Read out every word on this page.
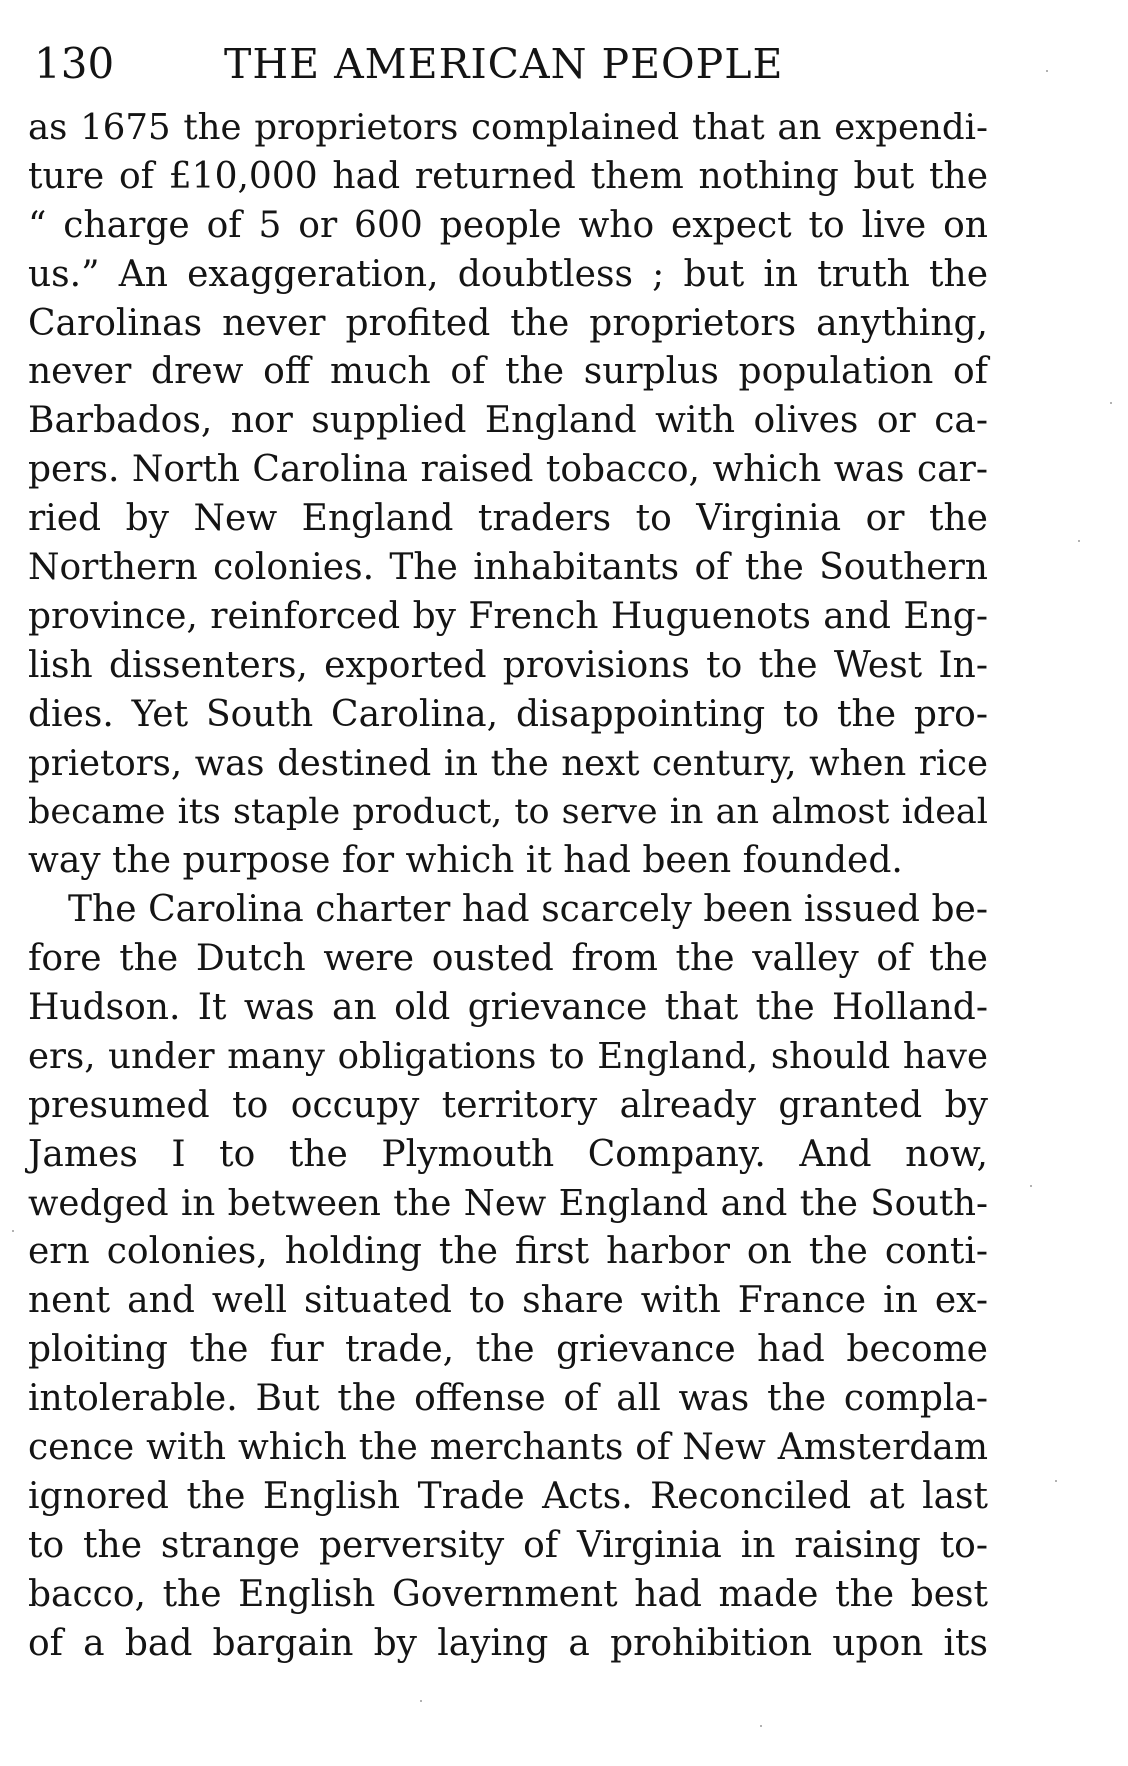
130	THE AMERICAN PEOPLE
as 1675 the proprietors complained that an expendi-
ture of £10,000 had returned them nothing but the
“ charge of 5 or 600 people who expect to live on
us.” An exaggeration, doubtless ; but in truth the
Carolinas never profited the proprietors anything,
never drew off much of the surplus population of
Barbados, nor supplied England with olives or ca-
pers. North Carolina raised tobacco, which was car-
ried by New England traders to Virginia or the
Northern colonies. The inhabitants of the Southern
province, reinforced by French Huguenots and Eng-
lish dissenters, exported provisions to the West In-
dies. Yet South Carolina, disappointing to the pro-
prietors, was destined in the next century, when rice
became its staple product, to serve in an almost ideal
way the purpose for which it had been founded.
The Carolina charter had scarcely been issued be-
fore the Dutch were ousted from the valley of the
Hudson. It was an old grievance that the Holland-
ers, under many obligations to England, should have
presumed to occupy territory already granted by
James I to the Plymouth Company. And now,
wedged in between the New England and the South-
ern colonies, holding the first harbor on the conti-
nent and well situated to share with France in ex-
ploiting the fur trade, the grievance had become
intolerable. But the offense of all was the compla-
cence with which the merchants of New Amsterdam
ignored the English Trade Acts. Reconciled at last
to the strange perversity of Virginia in raising to-
bacco, the English Government had made the best
of a bad bargain by laying a prohibition upon its
